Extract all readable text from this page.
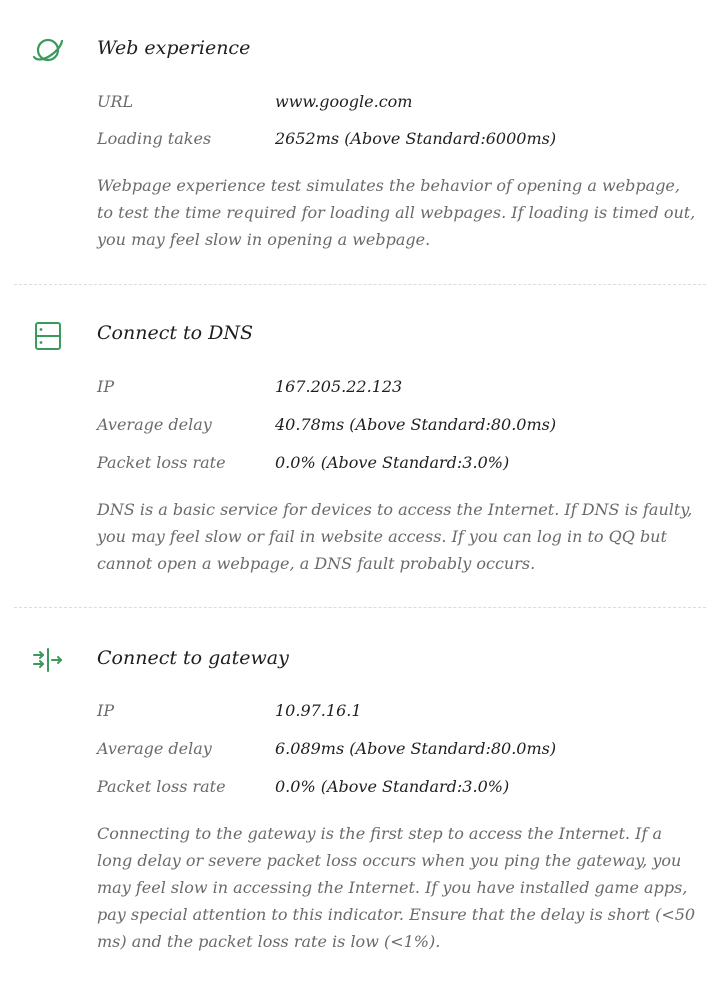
Web experience
URL	www.google.com
Loading takes	2652ms (Above Standard:6000ms)
Webpage experience test simulates the behavior of opening a webpage, to test the time required for loading all webpages. If loading is timed out, you may feel slow in opening a webpage.
Connect to DNS
IP	167.205.22.123
Average delay	40.78ms (Above Standard:80.0ms)
Packet loss rate	0.0% (Above Standard:3.0%)
DNS is a basic service for devices to access the Internet. If DNS is faulty, you may feel slow or fail in website access. If you can log in to QQ but cannot open a webpage, a DNS fault probably occurs.
Connect to gateway
IP	10.97.16.1
Average delay	6.089ms (Above Standard:80.0ms)
Packet loss rate	0.0% (Above Standard:3.0%)
Connecting to the gateway is the first step to access the Internet. If a long delay or severe packet loss occurs when you ping the gateway, you may feel slow in accessing the Internet. If you have installed game apps, pay special attention to this indicator. Ensure that the delay is short (<50 ms) and the packet loss rate is low (<1%).
